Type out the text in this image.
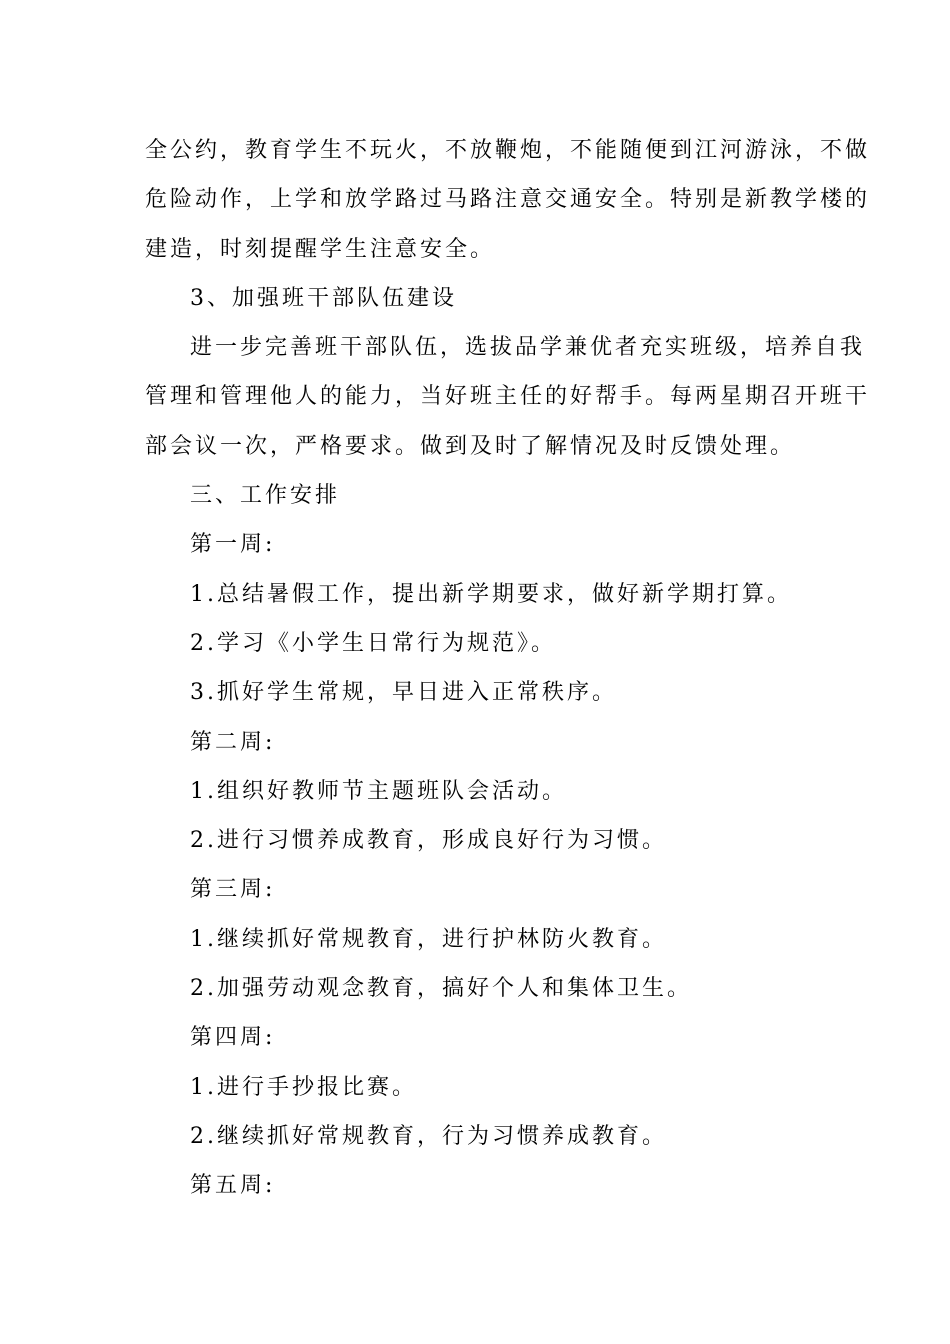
全公约，教育学生不玩火，不放鞭炮，不能随便到江河游泳，不做
危险动作，上学和放学路过马路注意交通安全。特别是新教学楼的
建造，时刻提醒学生注意安全。
3、加强班干部队伍建设
进一步完善班干部队伍，选拔品学兼优者充实班级，培养自我
管理和管理他人的能力，当好班主任的好帮手。每两星期召开班干
部会议一次，严格要求。做到及时了解情况及时反馈处理。
三、工作安排
第一周:
1.总结暑假工作，提出新学期要求，做好新学期打算。
2.学习《小学生日常行为规范》。
3.抓好学生常规，早日进入正常秩序。
第二周:
1.组织好教师节主题班队会活动。
2.进行习惯养成教育，形成良好行为习惯。
第三周:
1.继续抓好常规教育，进行护林防火教育。
2.加强劳动观念教育，搞好个人和集体卫生。
第四周:
1.进行手抄报比赛。
2.继续抓好常规教育，行为习惯养成教育。
第五周:
